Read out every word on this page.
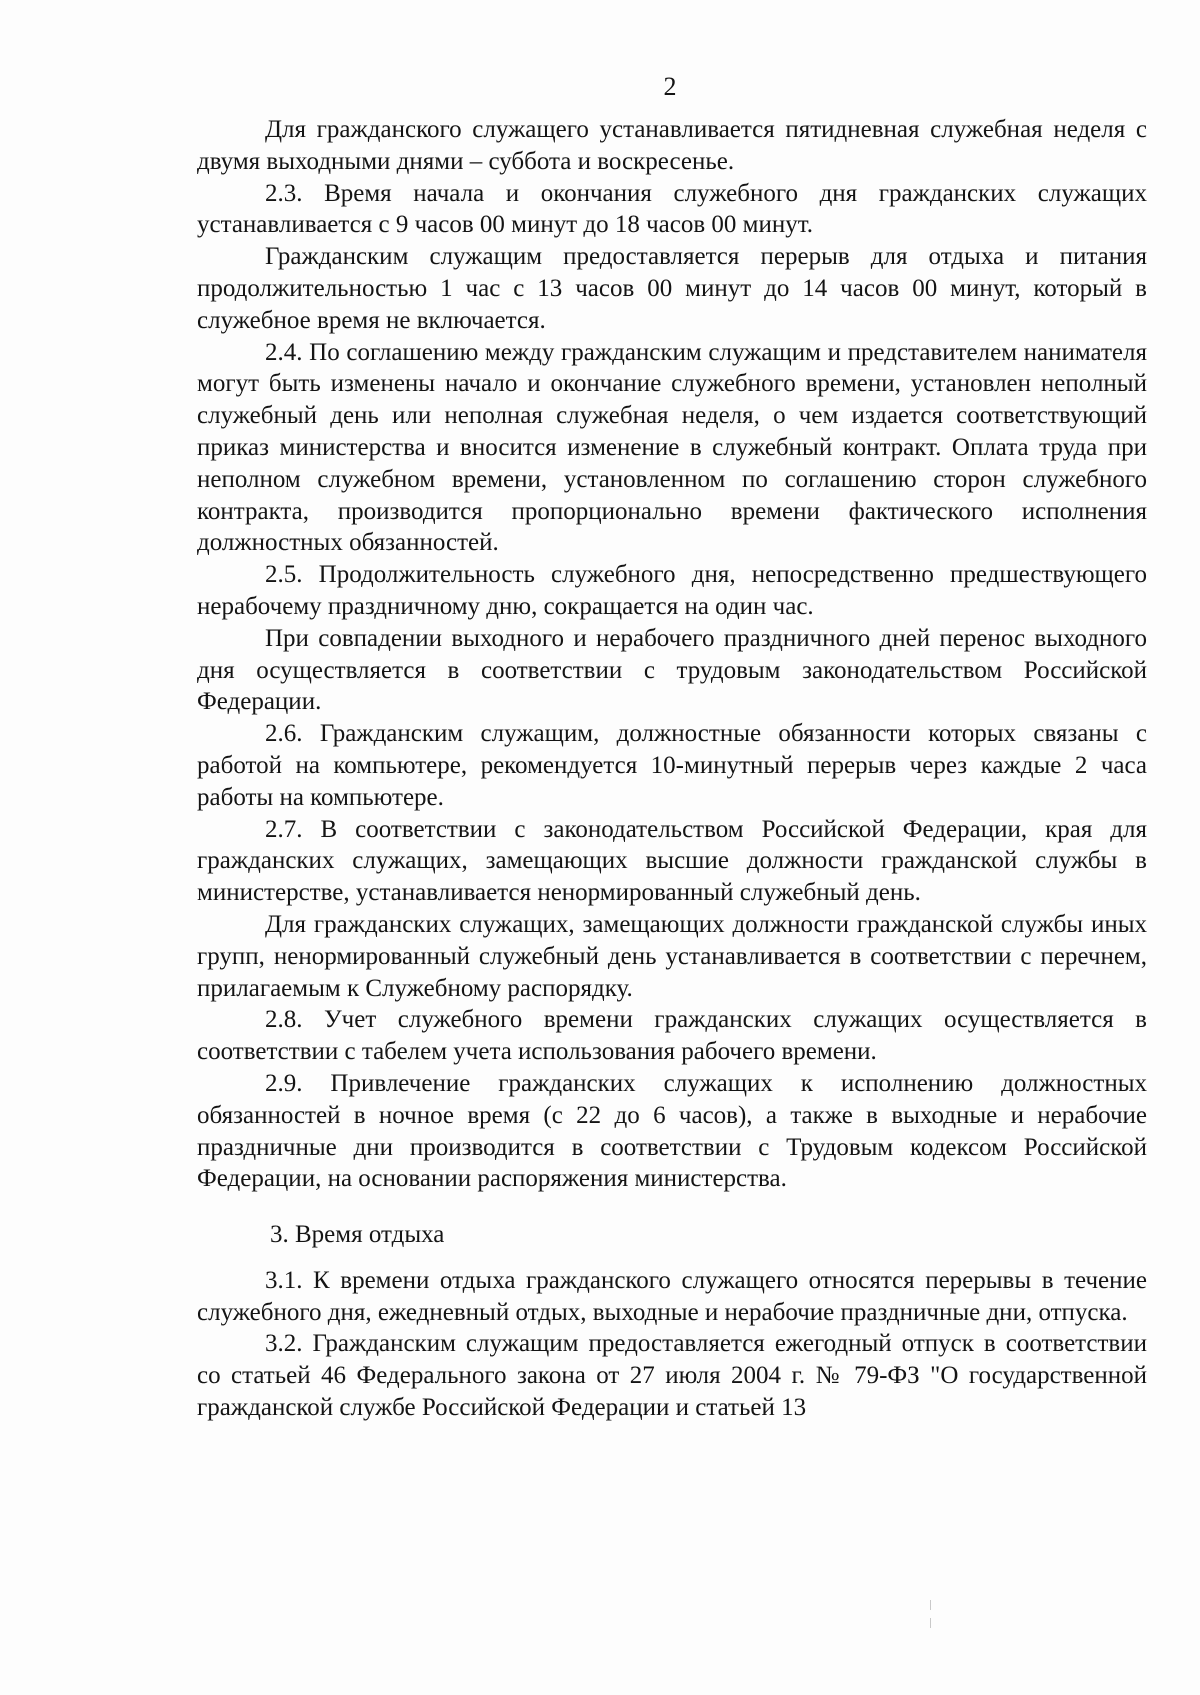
2

Для гражданского служащего устанавливается пятидневная служебная неделя с двумя выходными днями – суббота и воскресенье.

2.3. Время начала и окончания служебного дня гражданских служащих устанавливается с 9 часов 00 минут до 18 часов 00 минут.

Гражданским служащим предоставляется перерыв для отдыха и питания продолжительностью 1 час с 13 часов 00 минут до 14 часов 00 минут, который в служебное время не включается.

2.4. По соглашению между гражданским служащим и представителем нанимателя могут быть изменены начало и окончание служебного времени, установлен неполный служебный день или неполная служебная неделя, о чем издается соответствующий приказ министерства и вносится изменение в служебный контракт. Оплата труда при неполном служебном времени, установленном по соглашению сторон служебного контракта, производится пропорционально времени фактического исполнения должностных обязанностей.

2.5. Продолжительность служебного дня, непосредственно предшествующего нерабочему праздничному дню, сокращается на один час.

При совпадении выходного и нерабочего праздничного дней перенос выходного дня осуществляется в соответствии с трудовым законодательством Российской Федерации.

2.6. Гражданским служащим, должностные обязанности которых связаны с работой на компьютере, рекомендуется 10-минутный перерыв через каждые 2 часа работы на компьютере.

2.7. В соответствии с законодательством Российской Федерации, края для гражданских служащих, замещающих высшие должности гражданской службы в министерстве, устанавливается ненормированный служебный день.

Для гражданских служащих, замещающих должности гражданской службы иных групп, ненормированный служебный день устанавливается в соответствии с перечнем, прилагаемым к Служебному распорядку.

2.8. Учет служебного времени гражданских служащих осуществляется в соответствии с табелем учета использования рабочего времени.

2.9. Привлечение гражданских служащих к исполнению должностных обязанностей в ночное время (с 22 до 6 часов), а также в выходные и нерабочие праздничные дни производится в соответствии с Трудовым кодексом Российской Федерации, на основании распоряжения министерства.

3. Время отдыха

3.1. К времени отдыха гражданского служащего относятся перерывы в течение служебного дня, ежедневный отдых, выходные и нерабочие праздничные дни, отпуска.

3.2. Гражданским служащим предоставляется ежегодный отпуск в соответствии со статьей 46 Федерального закона от 27 июля 2004 г. № 79-ФЗ "О государственной гражданской службе Российской Федерации и статьей 13
